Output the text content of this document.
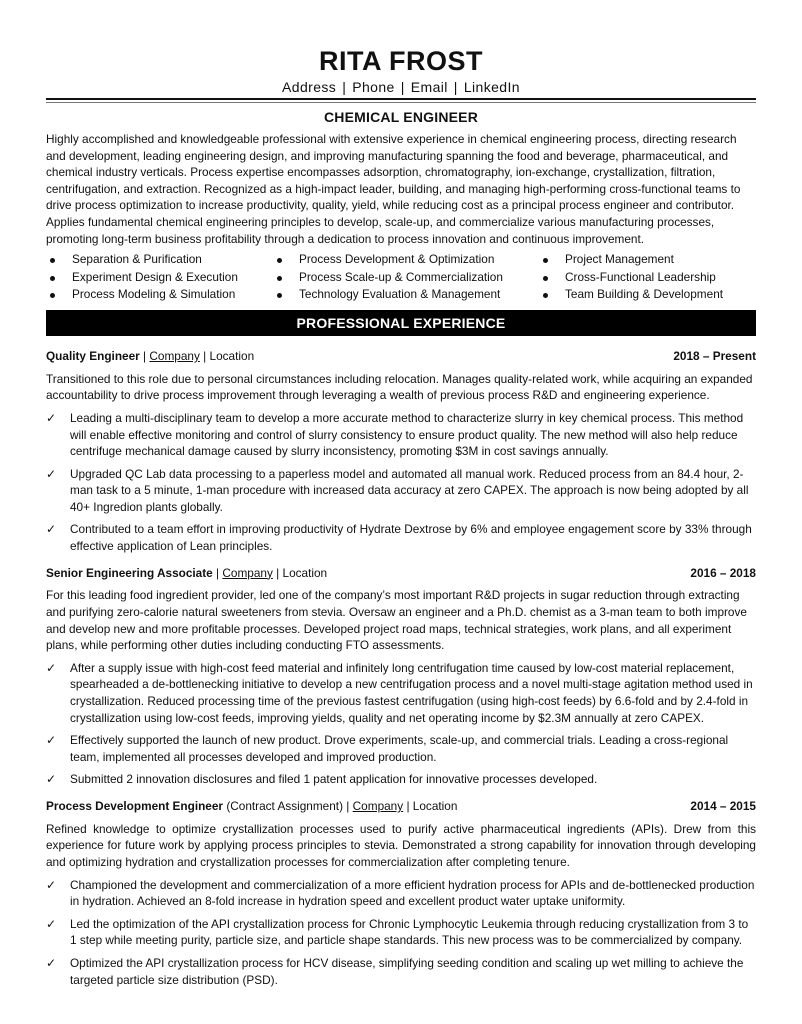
RITA FROST
Address | Phone | Email | LinkedIn
CHEMICAL ENGINEER
Highly accomplished and knowledgeable professional with extensive experience in chemical engineering process, directing research and development, leading engineering design, and improving manufacturing spanning the food and beverage, pharmaceutical, and chemical industry verticals. Process expertise encompasses adsorption, chromatography, ion-exchange, crystallization, filtration, centrifugation, and extraction. Recognized as a high-impact leader, building, and managing high-performing cross-functional teams to drive process optimization to increase productivity, quality, yield, while reducing cost as a principal process engineer and contributor. Applies fundamental chemical engineering principles to develop, scale-up, and commercialize various manufacturing processes, promoting long-term business profitability through a dedication to process innovation and continuous improvement.
Separation & Purification	Process Development & Optimization	Project Management
Experiment Design & Execution	Process Scale-up & Commercialization	Cross-Functional Leadership
Process Modeling & Simulation	Technology Evaluation & Management	Team Building & Development
PROFESSIONAL EXPERIENCE
Quality Engineer | Company | Location	2018 – Present
Transitioned to this role due to personal circumstances including relocation. Manages quality-related work, while acquiring an expanded accountability to drive process improvement through leveraging a wealth of previous process R&D and engineering experience.
✓ Leading a multi-disciplinary team to develop a more accurate method to characterize slurry in key chemical process. This method will enable effective monitoring and control of slurry consistency to ensure product quality. The new method will also help reduce centrifuge mechanical damage caused by slurry inconsistency, promoting $3M in cost savings annually.
✓ Upgraded QC Lab data processing to a paperless model and automated all manual work. Reduced process from an 84.4 hour, 2-man task to a 5 minute, 1-man procedure with increased data accuracy at zero CAPEX. The approach is now being adopted by all 40+ Ingredion plants globally.
✓ Contributed to a team effort in improving productivity of Hydrate Dextrose by 6% and employee engagement score by 33% through effective application of Lean principles.
Senior Engineering Associate | Company | Location	2016 – 2018
For this leading food ingredient provider, led one of the company’s most important R&D projects in sugar reduction through extracting and purifying zero-calorie natural sweeteners from stevia. Oversaw an engineer and a Ph.D. chemist as a 3-man team to both improve and develop new and more profitable processes. Developed project road maps, technical strategies, work plans, and all experiment plans, while performing other duties including conducting FTO assessments.
✓ After a supply issue with high-cost feed material and infinitely long centrifugation time caused by low-cost material replacement, spearheaded a de-bottlenecking initiative to develop a new centrifugation process and a novel multi-stage agitation method used in crystallization. Reduced processing time of the previous fastest centrifugation (using high-cost feeds) by 6.6-fold and by 2.4-fold in crystallization using low-cost feeds, improving yields, quality and net operating income by $2.3M annually at zero CAPEX.
✓ Effectively supported the launch of new product. Drove experiments, scale-up, and commercial trials. Leading a cross-regional team, implemented all processes developed and improved production.
✓ Submitted 2 innovation disclosures and filed 1 patent application for innovative processes developed.
Process Development Engineer (Contract Assignment) | Company | Location	2014 – 2015
Refined knowledge to optimize crystallization processes used to purify active pharmaceutical ingredients (APIs). Drew from this experience for future work by applying process principles to stevia. Demonstrated a strong capability for innovation through developing and optimizing hydration and crystallization processes for commercialization after completing tenure.
✓ Championed the development and commercialization of a more efficient hydration process for APIs and de-bottlenecked production in hydration. Achieved an 8-fold increase in hydration speed and excellent product water uptake uniformity.
✓ Led the optimization of the API crystallization process for Chronic Lymphocytic Leukemia through reducing crystallization from 3 to 1 step while meeting purity, particle size, and particle shape standards. This new process was to be commercialized by company.
✓ Optimized the API crystallization process for HCV disease, simplifying seeding condition and scaling up wet milling to achieve the targeted particle size distribution (PSD).
